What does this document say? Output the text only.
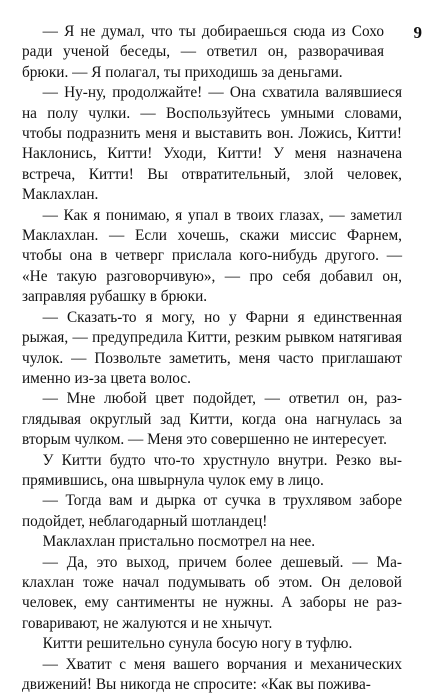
9

— Я не думал, что ты добираешься сюда из Сохо ради ученой беседы, — ответил он, разворачивая брюки. — Я полагал, ты приходишь за деньгами.

— Ну-ну, продолжайте! — Она схватила валявшиеся на полу чулки. — Воспользуйтесь умными словами, чтобы подразнить меня и выставить вон. Ложись, Китти! Наклонись, Китти! Уходи, Китти! У меня назначена встреча, Китти! Вы отвратительный, злой человек, Маклахлан.

— Как я понимаю, я упал в твоих глазах, — заметил Маклахлан. — Если хочешь, скажи миссис Фарнем, чтобы она в четверг прислала кого-нибудь другого. — «Не такую разговорчивую», — про себя добавил он, заправляя рубашку в брюки.

— Сказать-то я могу, но у Фарни я единственная рыжая, — предупредила Китти, резким рывком натягивая чулок. — Позвольте заметить, меня часто приглашают именно из-за цвета волос.

— Мне любой цвет подойдет, — ответил он, разглядывая округлый зад Китти, когда она нагнулась за вторым чулком. — Меня это совершенно не интересует.

У Китти будто что-то хрустнуло внутри. Резко выпрямившись, она швырнула чулок ему в лицо.

— Тогда вам и дырка от сучка в трухлявом заборе подойдет, неблагодарный шотландец!

Маклахлан пристально посмотрел на нее.

— Да, это выход, причем более дешевый. — Маклахлан тоже начал подумывать об этом. Он деловой человек, ему сантименты не нужны. А заборы не разговаривают, не жалуются и не хнычут.

Китти решительно сунула босую ногу в туфлю.

— Хватит с меня вашего ворчания и механических движений! Вы никогда не спросите: «Как вы пожива-
